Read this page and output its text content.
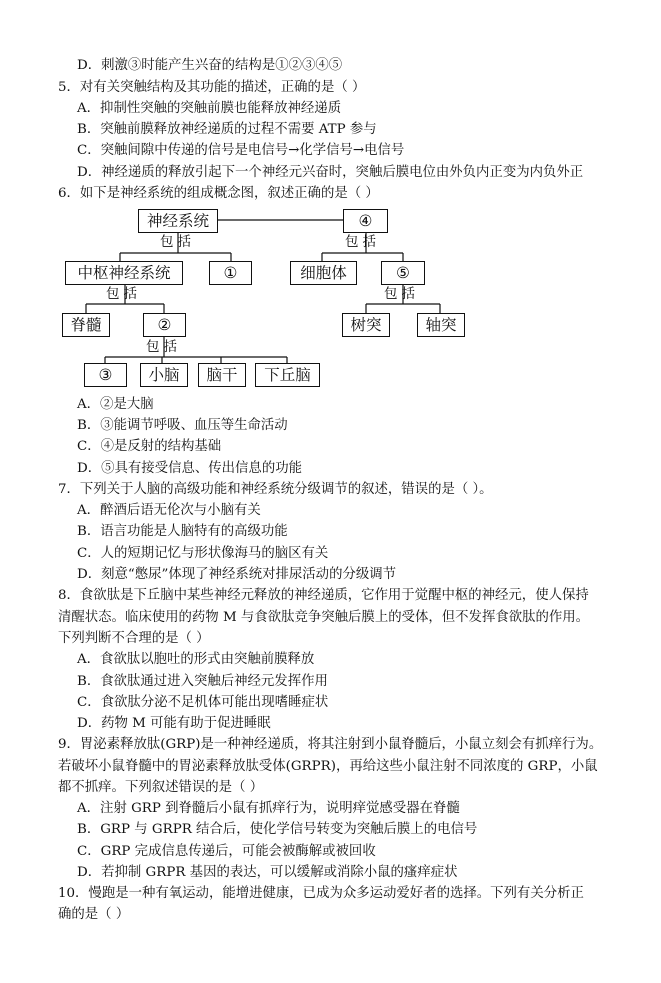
D．刺激③时能产生兴奋的结构是①②③④⑤
5．对有关突触结构及其功能的描述，正确的是（ ）
A．抑制性突触的突触前膜也能释放神经递质
B．突触前膜释放神经递质的过程不需要 ATP 参与
C．突触间隙中传递的信号是电信号→化学信号→电信号
D．神经递质的释放引起下一个神经元兴奋时，突触后膜电位由外负内正变为内负外正
6．如下是神经系统的组成概念图，叙述正确的是（ ）
神经系统	④
包括	包括
中枢神经系统	①	细胞体	⑤
包括	包括
脊髓	②	树突	轴突
包括
③	小脑	脑干	下丘脑
A．②是大脑
B．③能调节呼吸、血压等生命活动
C．④是反射的结构基础
D．⑤具有接受信息、传出信息的功能
7．下列关于人脑的高级功能和神经系统分级调节的叙述，错误的是（ ）。
A．醉酒后语无伦次与小脑有关
B．语言功能是人脑特有的高级功能
C．人的短期记忆与形状像海马的脑区有关
D．刻意“憋尿”体现了神经系统对排尿活动的分级调节
8．食欲肽是下丘脑中某些神经元释放的神经递质，它作用于觉醒中枢的神经元，使人保持
清醒状态。临床使用的药物 M 与食欲肽竞争突触后膜上的受体，但不发挥食欲肽的作用。
下列判断不合理的是（ ）
A．食欲肽以胞吐的形式由突触前膜释放
B．食欲肽通过进入突触后神经元发挥作用
C．食欲肽分泌不足机体可能出现嗜睡症状
D．药物 M 可能有助于促进睡眠
9．胃泌素释放肽(GRP)是一种神经递质，将其注射到小鼠脊髓后，小鼠立刻会有抓痒行为。
若破坏小鼠脊髓中的胃泌素释放肽受体(GRPR)，再给这些小鼠注射不同浓度的 GRP，小鼠
都不抓痒。下列叙述错误的是（ ）
A．注射 GRP 到脊髓后小鼠有抓痒行为，说明痒觉感受器在脊髓
B．GRP 与 GRPR 结合后，使化学信号转变为突触后膜上的电信号
C．GRP 完成信息传递后，可能会被酶解或被回收
D．若抑制 GRPR 基因的表达，可以缓解或消除小鼠的瘙痒症状
10．慢跑是一种有氧运动，能增进健康，已成为众多运动爱好者的选择。下列有关分析正
确的是（ ）
